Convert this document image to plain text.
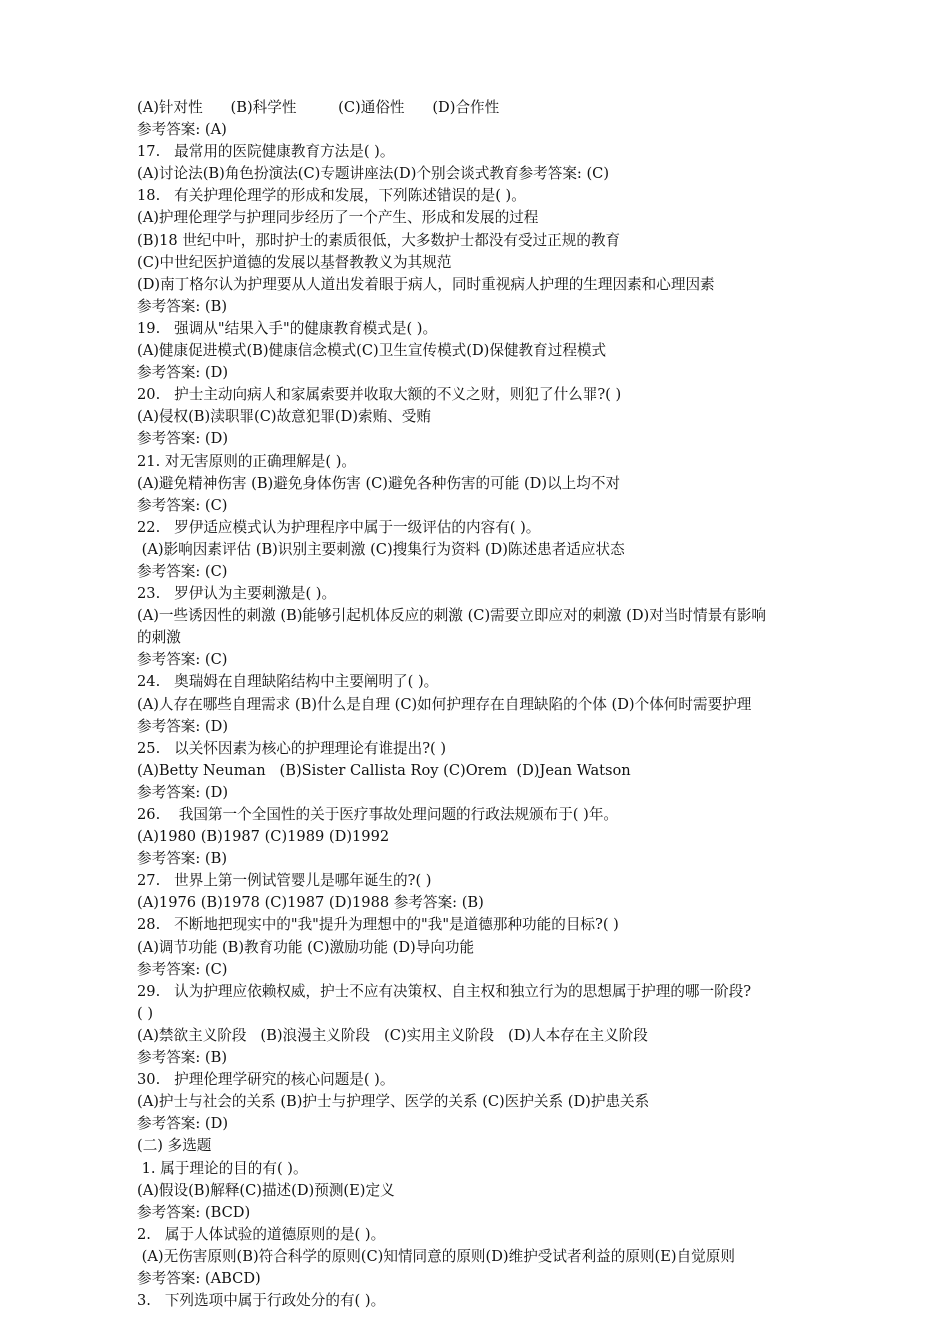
(A)针对性      (B)科学性         (C)通俗性      (D)合作性
参考答案: (A)
17.   最常用的医院健康教育方法是( )。
(A)讨论法(B)角色扮演法(C)专题讲座法(D)个别会谈式教育参考答案: (C)
18.   有关护理伦理学的形成和发展，下列陈述错误的是( )。
(A)护理伦理学与护理同步经历了一个产生、形成和发展的过程
(B)18 世纪中叶，那时护士的素质很低，大多数护士都没有受过正规的教育
(C)中世纪医护道德的发展以基督教教义为其规范
(D)南丁格尔认为护理要从人道出发着眼于病人，同时重视病人护理的生理因素和心理因素
参考答案: (B)
19.   强调从"结果入手"的健康教育模式是( )。
(A)健康促进模式(B)健康信念模式(C)卫生宣传模式(D)保健教育过程模式
参考答案: (D)
20.   护士主动向病人和家属索要并收取大额的不义之财，则犯了什么罪?( )
(A)侵权(B)渎职罪(C)故意犯罪(D)索贿、受贿
参考答案: (D)
21. 对无害原则的正确理解是( )。
(A)避免精神伤害 (B)避免身体伤害 (C)避免各种伤害的可能 (D)以上均不对
参考答案: (C)
22.   罗伊适应模式认为护理程序中属于一级评估的内容有( )。
(A)影响因素评估 (B)识别主要刺激 (C)搜集行为资料 (D)陈述患者适应状态
参考答案: (C)
23.   罗伊认为主要刺激是( )。
(A)一些诱因性的刺激 (B)能够引起机体反应的刺激 (C)需要立即应对的刺激 (D)对当时情景有影响
的刺激
参考答案: (C)
24.   奥瑞姆在自理缺陷结构中主要阐明了( )。
(A)人存在哪些自理需求 (B)什么是自理 (C)如何护理存在自理缺陷的个体 (D)个体何时需要护理
参考答案: (D)
25.   以关怀因素为核心的护理理论有谁提出?( )
(A)Betty Neuman   (B)Sister Callista Roy (C)Orem  (D)Jean Watson
参考答案: (D)
26.    我国第一个全国性的关于医疗事故处理问题的行政法规颁布于( )年。
(A)1980 (B)1987 (C)1989 (D)1992
参考答案: (B)
27.   世界上第一例试管婴儿是哪年诞生的?( )
(A)1976 (B)1978 (C)1987 (D)1988 参考答案: (B)
28.   不断地把现实中的"我"提升为理想中的"我"是道德那种功能的目标?( )
(A)调节功能 (B)教育功能 (C)激励功能 (D)导向功能
参考答案: (C)
29.   认为护理应依赖权威，护士不应有决策权、自主权和独立行为的思想属于护理的哪一阶段?
( )
(A)禁欲主义阶段   (B)浪漫主义阶段   (C)实用主义阶段   (D)人本存在主义阶段
参考答案: (B)
30.   护理伦理学研究的核心问题是( )。
(A)护士与社会的关系 (B)护士与护理学、医学的关系 (C)医护关系 (D)护患关系
参考答案: (D)
(二) 多选题
1. 属于理论的目的有( )。
(A)假设(B)解释(C)描述(D)预测(E)定义
参考答案: (BCD)
2.   属于人体试验的道德原则的是( )。
(A)无伤害原则(B)符合科学的原则(C)知情同意的原则(D)维护受试者利益的原则(E)自觉原则
参考答案: (ABCD)
3.   下列选项中属于行政处分的有( )。
